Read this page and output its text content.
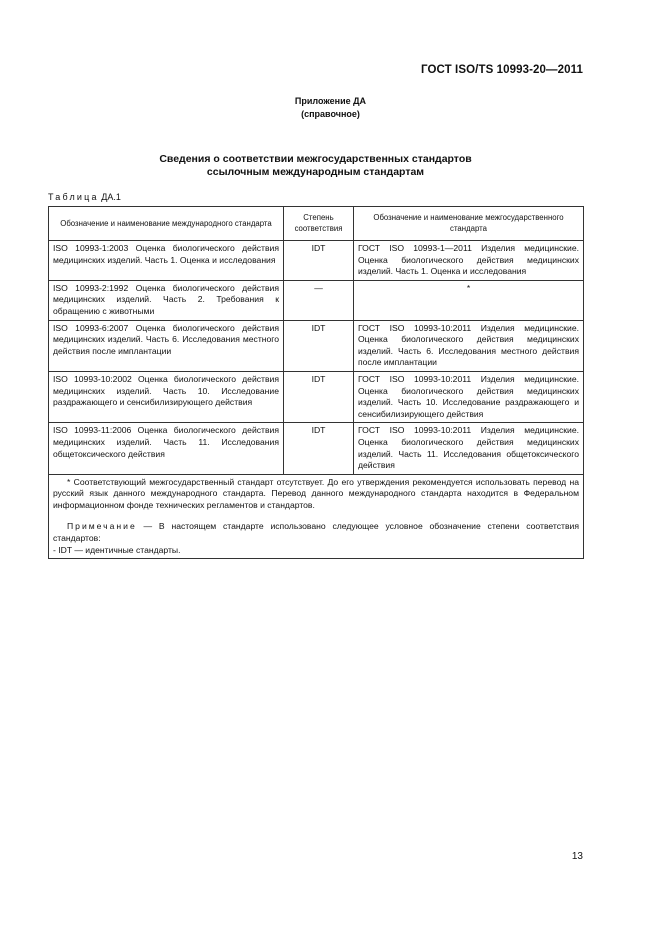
ГОСТ ISO/TS 10993-20—2011
Приложение ДА
(справочное)
Сведения о соответствии межгосударственных стандартов
ссылочным международным стандартам
Таблица ДА.1
Обозначение и наименование международного стандарта	Степень соответствия	Обозначение и наименование межгосударственного стандарта
ISO 10993-1:2003 Оценка биологического действия медицинских изделий. Часть 1. Оценка и исследования	IDT	ГОСТ ISO 10993-1—2011 Изделия медицинские. Оценка биологического действия медицинских изделий. Часть 1. Оценка и исследования
ISO 10993-2:1992 Оценка биологического действия медицинских изделий. Часть 2. Требования к обращению с животными	—	*
ISO 10993-6:2007 Оценка биологического действия медицинских изделий. Часть 6. Исследования местного действия после имплантации	IDT	ГОСТ ISO 10993-10:2011 Изделия медицинские. Оценка биологического действия медицинских изделий. Часть 6. Исследования местного действия после имплантации
ISO 10993-10:2002 Оценка биологического действия медицинских изделий. Часть 10. Исследование раздражающего и сенсибилизирующего действия	IDT	ГОСТ ISO 10993-10:2011 Изделия медицинские. Оценка биологического действия медицинских изделий. Часть 10. Исследование раздражающего и сенсибилизирующего действия
ISO 10993-11:2006 Оценка биологического действия медицинских изделий. Часть 11. Исследования общетоксического действия	IDT	ГОСТ ISO 10993-10:2011 Изделия медицинские. Оценка биологического действия медицинских изделий. Часть 11. Исследования общетоксического действия

* Соответствующий межгосударственный стандарт отсутствует. До его утверждения рекомендуется использовать перевод на русский язык данного международного стандарта. Перевод данного международного стандарта находится в Федеральном информационном фонде технических регламентов и стандартов.

Примечание — В настоящем стандарте использовано следующее условное обозначение степени соответствия стандартов:

- IDT — идентичные стандарты.		

13
